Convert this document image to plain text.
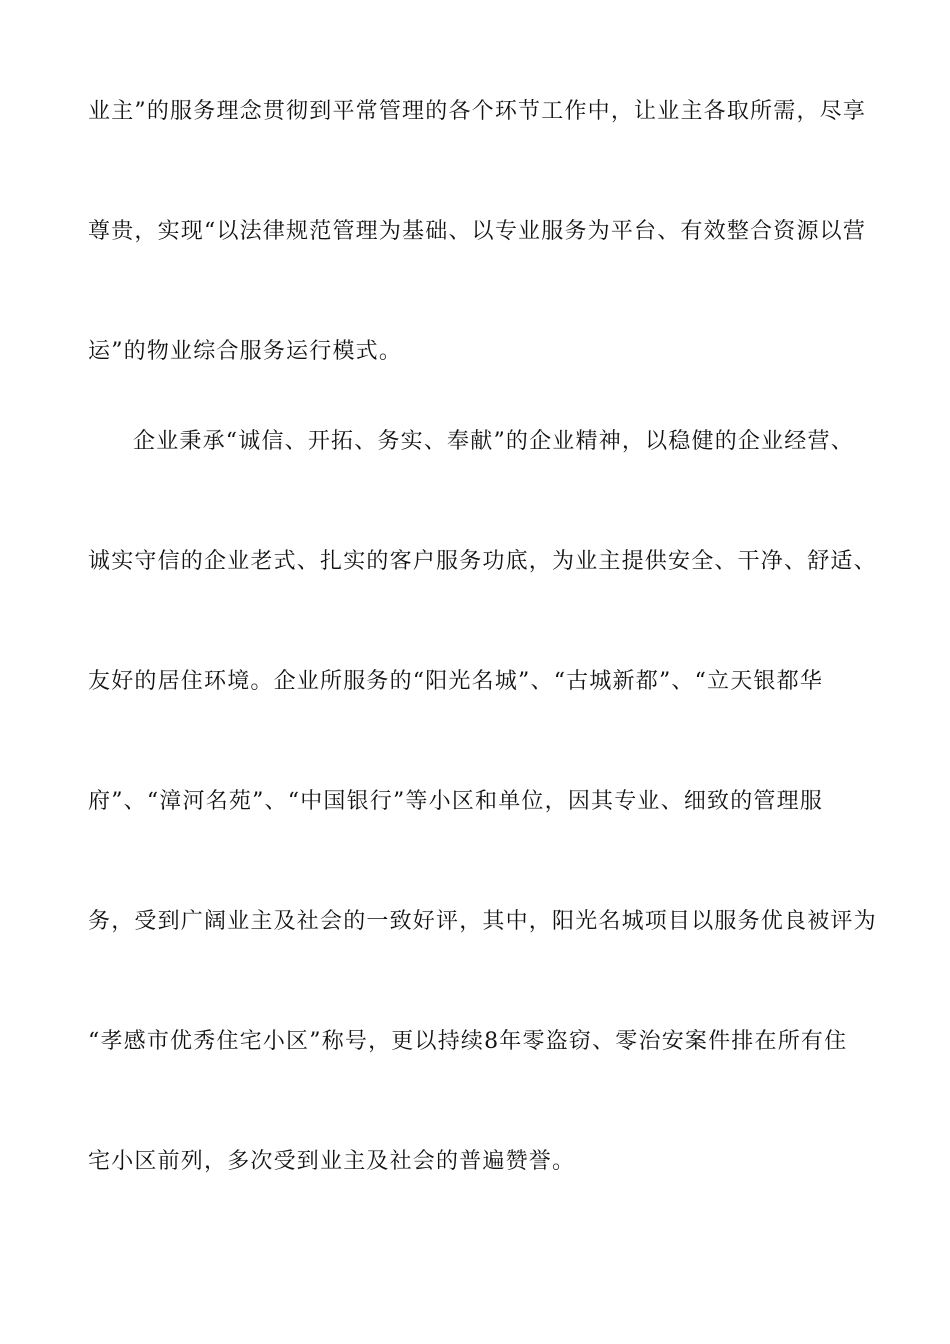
业主”的服务理念贯彻到平常管理的各个环节工作中，让业主各取所需，尽享
尊贵，实现“以法律规范管理为基础、以专业服务为平台、有效整合资源以营
运”的物业综合服务运行模式。
企业秉承“诚信、开拓、务实、奉献”的企业精神，以稳健的企业经营、
诚实守信的企业老式、扎实的客户服务功底，为业主提供安全、干净、舒适、
友好的居住环境。企业所服务的“阳光名城”、“古城新都”、“立天银都华
府”、“漳河名苑”、“中国银行”等小区和单位，因其专业、细致的管理服
务，受到广阔业主及社会的一致好评，其中，阳光名城项目以服务优良被评为
“孝感市优秀住宅小区”称号，更以持续8年零盗窃、零治安案件排在所有住
宅小区前列，多次受到业主及社会的普遍赞誉。
